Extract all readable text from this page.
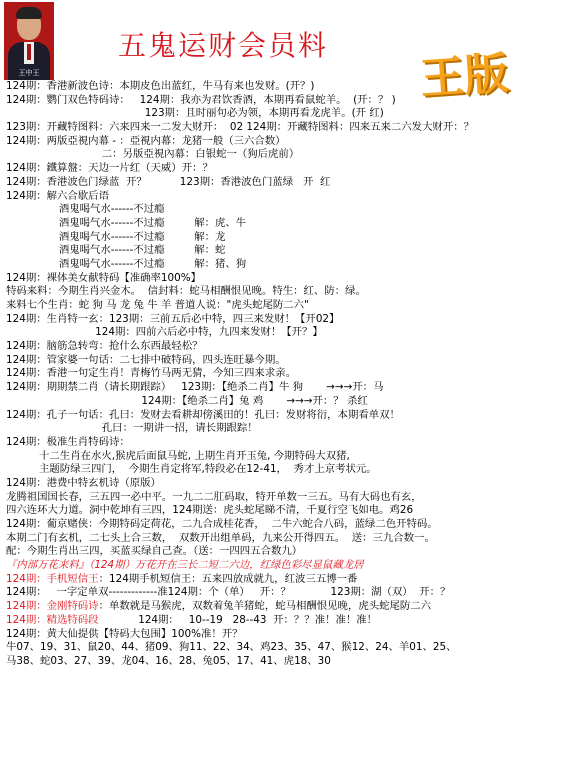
王中王
五鬼运财会员料
王版
124期：香港新波色诗：本期皮色出蓝红，牛马有来也发财。(开？)
124期：鹦门双色特码诗：   124期：我亦为君饮香酒，本期再看鼠蛇羊。  (开：？ )
123期：且时丽句必为领，本期再看龙虎羊。(开 红)
123期：开藏特图料：六来四来一二发大财开：  02 124期：开藏特图料：四来五来二六发大财开：？
124期：两版亞視内幕 - ：亞視内幕：龙猪一般（三六合数）
二：另版亞視內幕：白银蛇一（狗后虎前）
124期：鐵算盤：天边一片红（天威）开：？
124期：香港波色门绿蓝  开？          123期：香港波色门蓝绿   开  红
124期：解六合歇后语
酒鬼喝气水------不过瘾
酒鬼喝气水------不过瘾         解：虎、牛
酒鬼喝气水------不过瘾         解：龙
酒鬼喝气水------不过瘾         解：蛇
酒鬼喝气水------不过瘾         解：猪、狗
124期：裸体美女献特码【准确率100%】
特码来料：今期生肖兴金木。  信封料：蛇马相酬恨见晚。特生：红、防：绿。
来料七个生肖：蛇 狗 马 龙 兔 牛 羊 普道人说："虎头蛇尾防二六"
124期：生肖特一玄：123期：三前五后必中特，四三来发财！【开02】
124期：四前六后必中特，九四来发财！【开？】
124期：脑筋急转弯：抢什么东西最轻松？
124期：管家婆一句话：二七排中破特码，四头连旺暴今期。
124期：香港一句定生肖！青梅竹马两无猜，今知三四来求亲。
124期：期期禁二肖（请长期跟踪）   123期：【绝杀二肖】牛 狗       →→→开：马
124期：【绝杀二肖】兔 鸡       →→→开：？ 杀红
124期：孔子一句话：孔曰：发财去看耕却傍溪田的！孔曰：发财将衍，本期看单双！
孔曰：一期讲一招，请长期跟踪！
124期：极准生肖特码诗：
十二生肖在水火,猴虎后面鼠马蛇, 上期生肖开玉兔, 今期特码大双猪,
主题防绿三四门，  今期生肖定将军,特段必在12-41，  秀才上京考状元。
124期：港费中特玄机诗（原版）
龙腾祖国国长春，三五四一必中平。一九二二肛码取，特开单数一三五。马有大码也有玄，
四六连环大力道。洞中乾坤有三四，124期送：虎头蛇尾睇不清，千夏行空飞如电。鸡26
124期：葡京赌侠：今期特码定荷花，二九合成桂花香，  二牛六蛇合八码，蓝绿二色开特码。
本期二门有玄机，二七头上合三数，  双数开出组单码，九来公开得四五。  送：三九合数一。
配：今期生肖出三四，买蓝买绿自己查。（送：一四四五合数九）
『内部万花来料』（124期）万花开在三长二短二六边，红绿色彩尽显鼠藏龙居
124期：手机短信王：124期手机短信王：五来四放成就九，红波三五博一番
124期：   一字定单双-------------准124期：个（单）   开：？            123期：湖（双）  开：？
124期：金刚特码诗：单数就是马猴虎，双数着兔羊猪蛇，蛇马相酬恨见晚，虎头蛇尾防二六
124期：精选特码段            124期：   10--19   28--43  开：？？准！准！准！
124期：黄大仙提供【特码大包围】100%准！开？
牛07、19、31、鼠20、44、猪09、狗11、22、34、鸡23、35、47、猴12、24、羊01、25、
马38、蛇03、27、39、龙04、16、28、兔05、17、41、虎18、30
